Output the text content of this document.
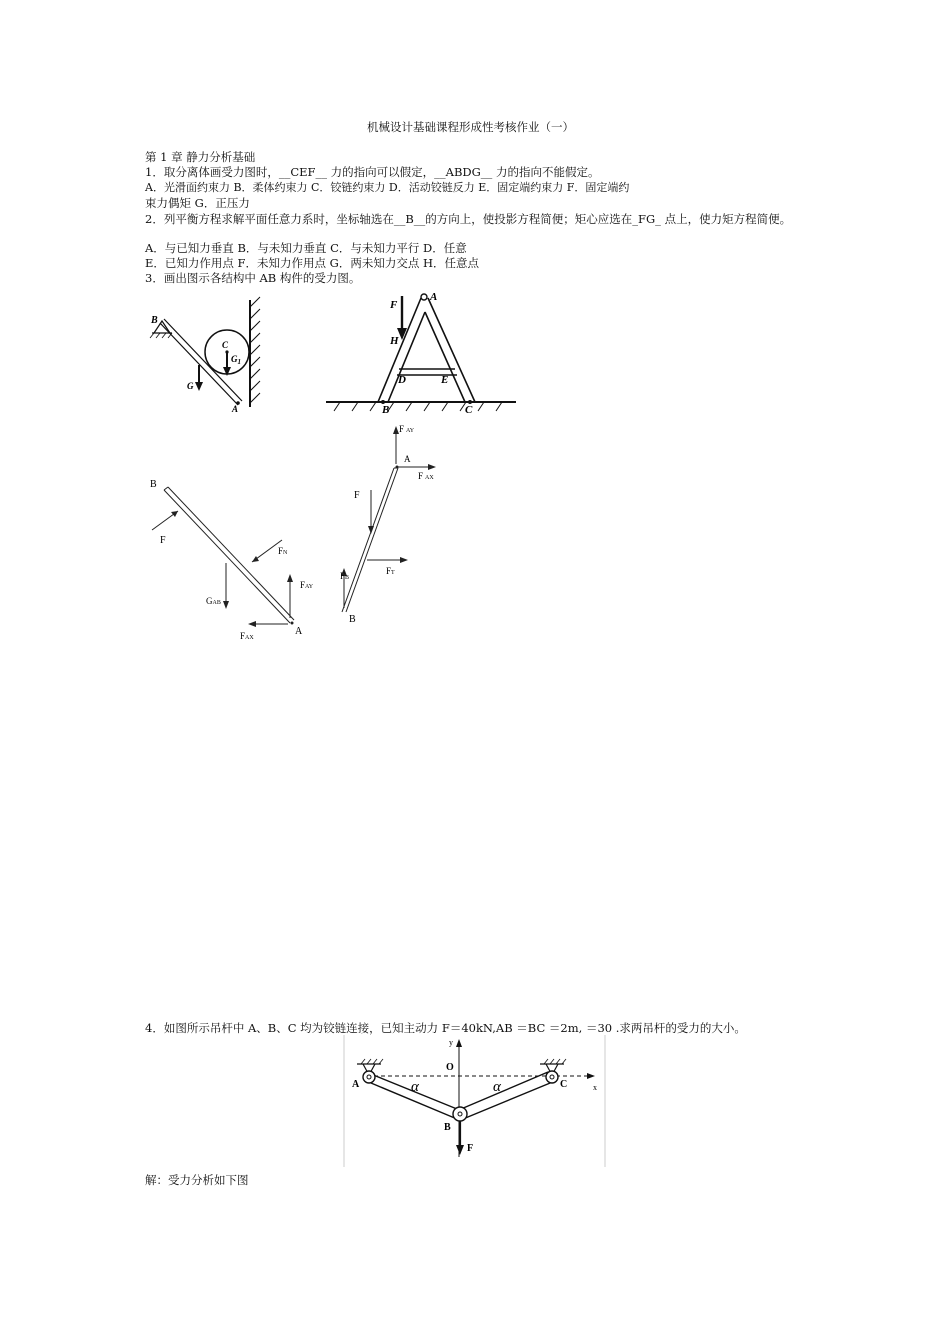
机械设计基础课程形成性考核作业（一）
第 1 章 静力分析基础
1．取分离体画受力图时，__CEF__ 力的指向可以假定，__ABDG__ 力的指向不能假定。
A．光滑面约束力 B．柔体约束力 C．铰链约束力 D．活动铰链反力 E．固定端约束力 F．固定端约
束力偶矩 G．正压力
2．列平衡方程求解平面任意力系时，坐标轴选在__B__的方向上，使投影方程简便；矩心应选在_FG_ 点上，使力矩方程简便。
A．与已知力垂直 B．与未知力垂直 C．与未知力平行 D．任意
E．已知力作用点 F．未知力作用点 G．两未知力交点 H．任意点
3．画出图示各结构中 AB 构件的受力图。
B
C
$G_1$
G
A
F
A
H
D	E
B	C
B
F
FN
GAB
FAY
FAX
A
FAY
A
FAX
F
FT
FB
B
4．如图所示吊杆中 A、B、C 均为铰链连接，已知主动力 F＝40kN,AB ＝BC ＝2m, ＝30 .求两吊杆的受力的大小。
y
O
A	α	α	C	x
B
F
解：受力分析如下图
